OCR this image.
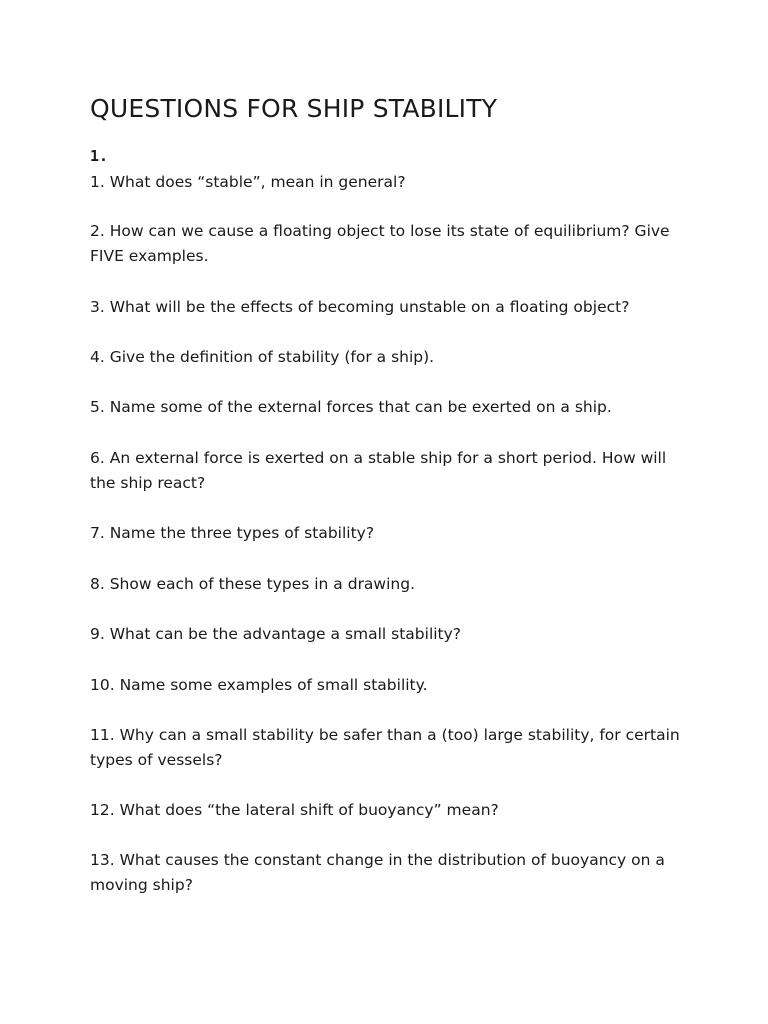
QUESTIONS FOR SHIP STABILITY
1.

1. What does “stable”, mean in general?

2. How can we cause a floating object to lose its state of equilibrium? Give FIVE examples.

3. What will be the effects of becoming unstable on a floating object?

4. Give the definition of stability (for a ship).

5. Name some of the external forces that can be exerted on a ship.

6. An external force is exerted on a stable ship for a short period. How will the ship react?

7. Name the three types of stability?

8. Show each of these types in a drawing.

9. What can be the advantage a small stability?

10. Name some examples of small stability.

11. Why can a small stability be safer than a (too) large stability, for certain types of vessels?

12. What does “the lateral shift of buoyancy” mean?

13. What causes the constant change in the distribution of buoyancy on a moving ship?
